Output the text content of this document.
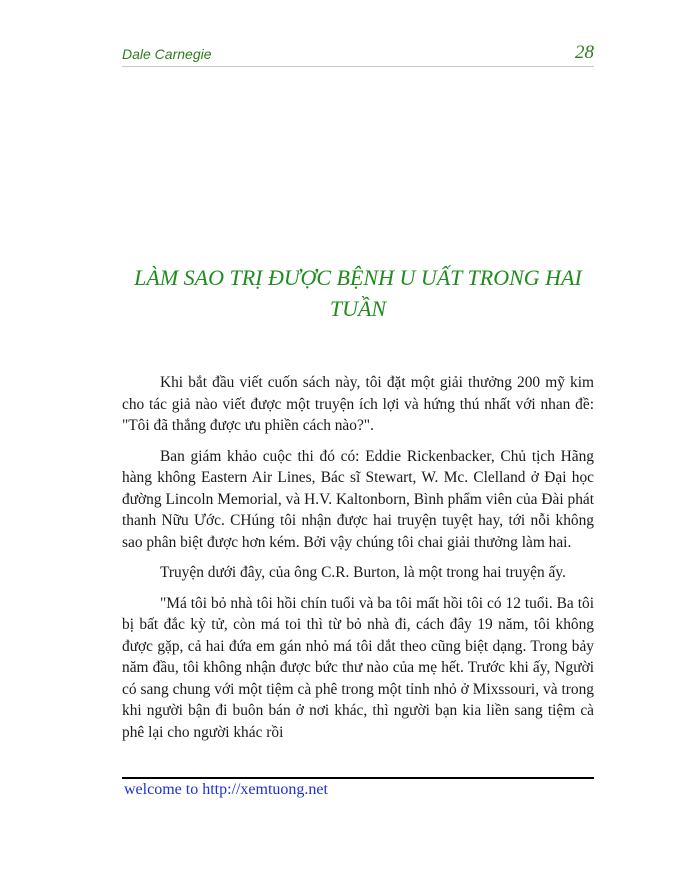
Dale Carnegie	28
LÀM SAO TRỊ ĐƯỢC BỆNH U UẤT TRONG HAI TUẦN

Khi bắt đầu viết cuốn sách này, tôi đặt một giải thưởng 200 mỹ kim cho tác giả nào viết được một truyện ích lợi và hứng thú nhất với nhan đề: "Tôi đã thắng được ưu phiền cách nào?".

Ban giám khảo cuộc thi đó có: Eddie Rickenbacker, Chủ tịch Hãng hàng không Eastern Air Lines, Bác sĩ Stewart, W. Mc. Clelland ở Đại học đường Lincoln Memorial, và H.V. Kaltonborn, Bình phẩm viên của Đài phát thanh Nữu Ước. CHúng tôi nhận được hai truyện tuyệt hay, tới nỗi không sao phân biệt được hơn kém. Bởi vậy chúng tôi chai giải thưởng làm hai.

Truyện dưới đây, của ông C.R. Burton, là một trong hai truyện ấy.

"Má tôi bỏ nhà tôi hồi chín tuổi và ba tôi mất hồi tôi có 12 tuổi. Ba tôi bị bất đắc kỳ tử, còn má toi thì từ bỏ nhà đi, cách đây 19 năm, tôi không được gặp, cả hai đứa em gán nhỏ má tôi dắt theo cũng biệt dạng. Trong bảy năm đầu, tôi không nhận được bức thư nào của mẹ hết. Trước khi ấy, Người có sang chung với một tiệm cà phê trong một tỉnh nhỏ ở Mixssouri, và trong khi người bận đi buôn bán ở nơi khác, thì người bạn kia liền sang tiệm cà phê lại cho người khác rồi

welcome to http://xemtuong.net
